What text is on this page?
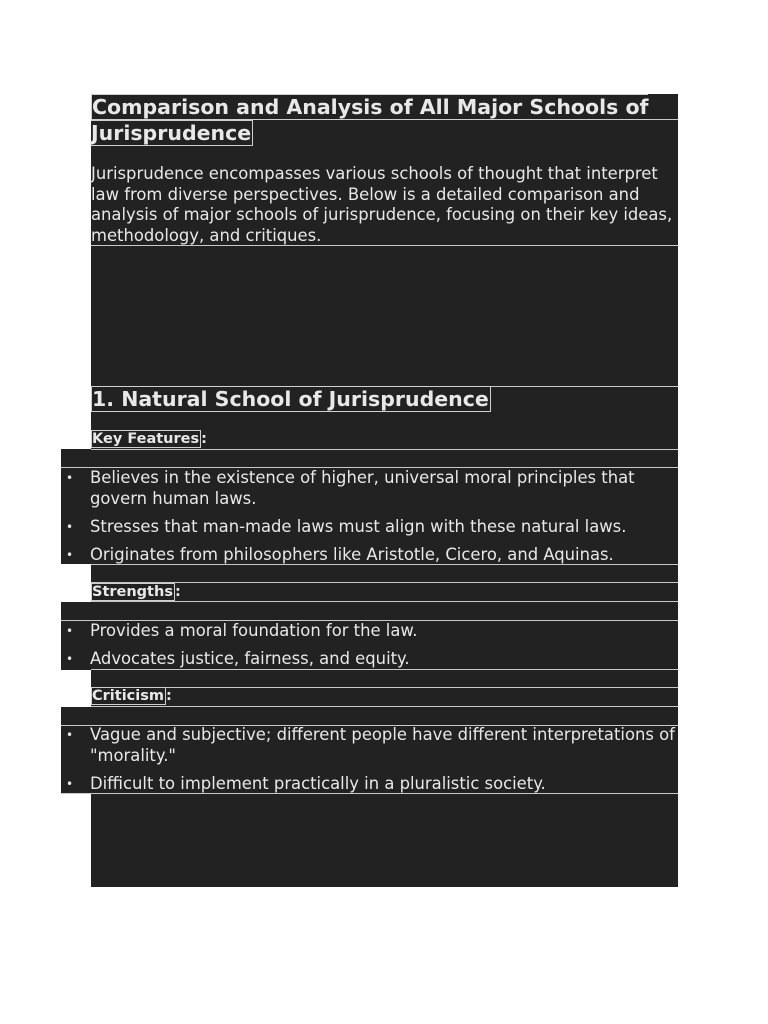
Comparison and Analysis of All Major Schools of Jurisprudence

Jurisprudence encompasses various schools of thought that interpret law from diverse perspectives. Below is a detailed comparison and analysis of major schools of jurisprudence, focusing on their key ideas, methodology, and critiques.

1. Natural School of Jurisprudence
Key Features :
• Believes in the existence of higher, universal moral principles that govern human laws.
• Stresses that man-made laws must align with these natural laws.
• Originates from philosophers like Aristotle, Cicero, and Aquinas.
Strengths :
• Provides a moral foundation for the law.
• Advocates justice, fairness, and equity.
Criticism :
• Vague and subjective; different people have different interpretations of "morality."
• Difficult to implement practically in a pluralistic society.
